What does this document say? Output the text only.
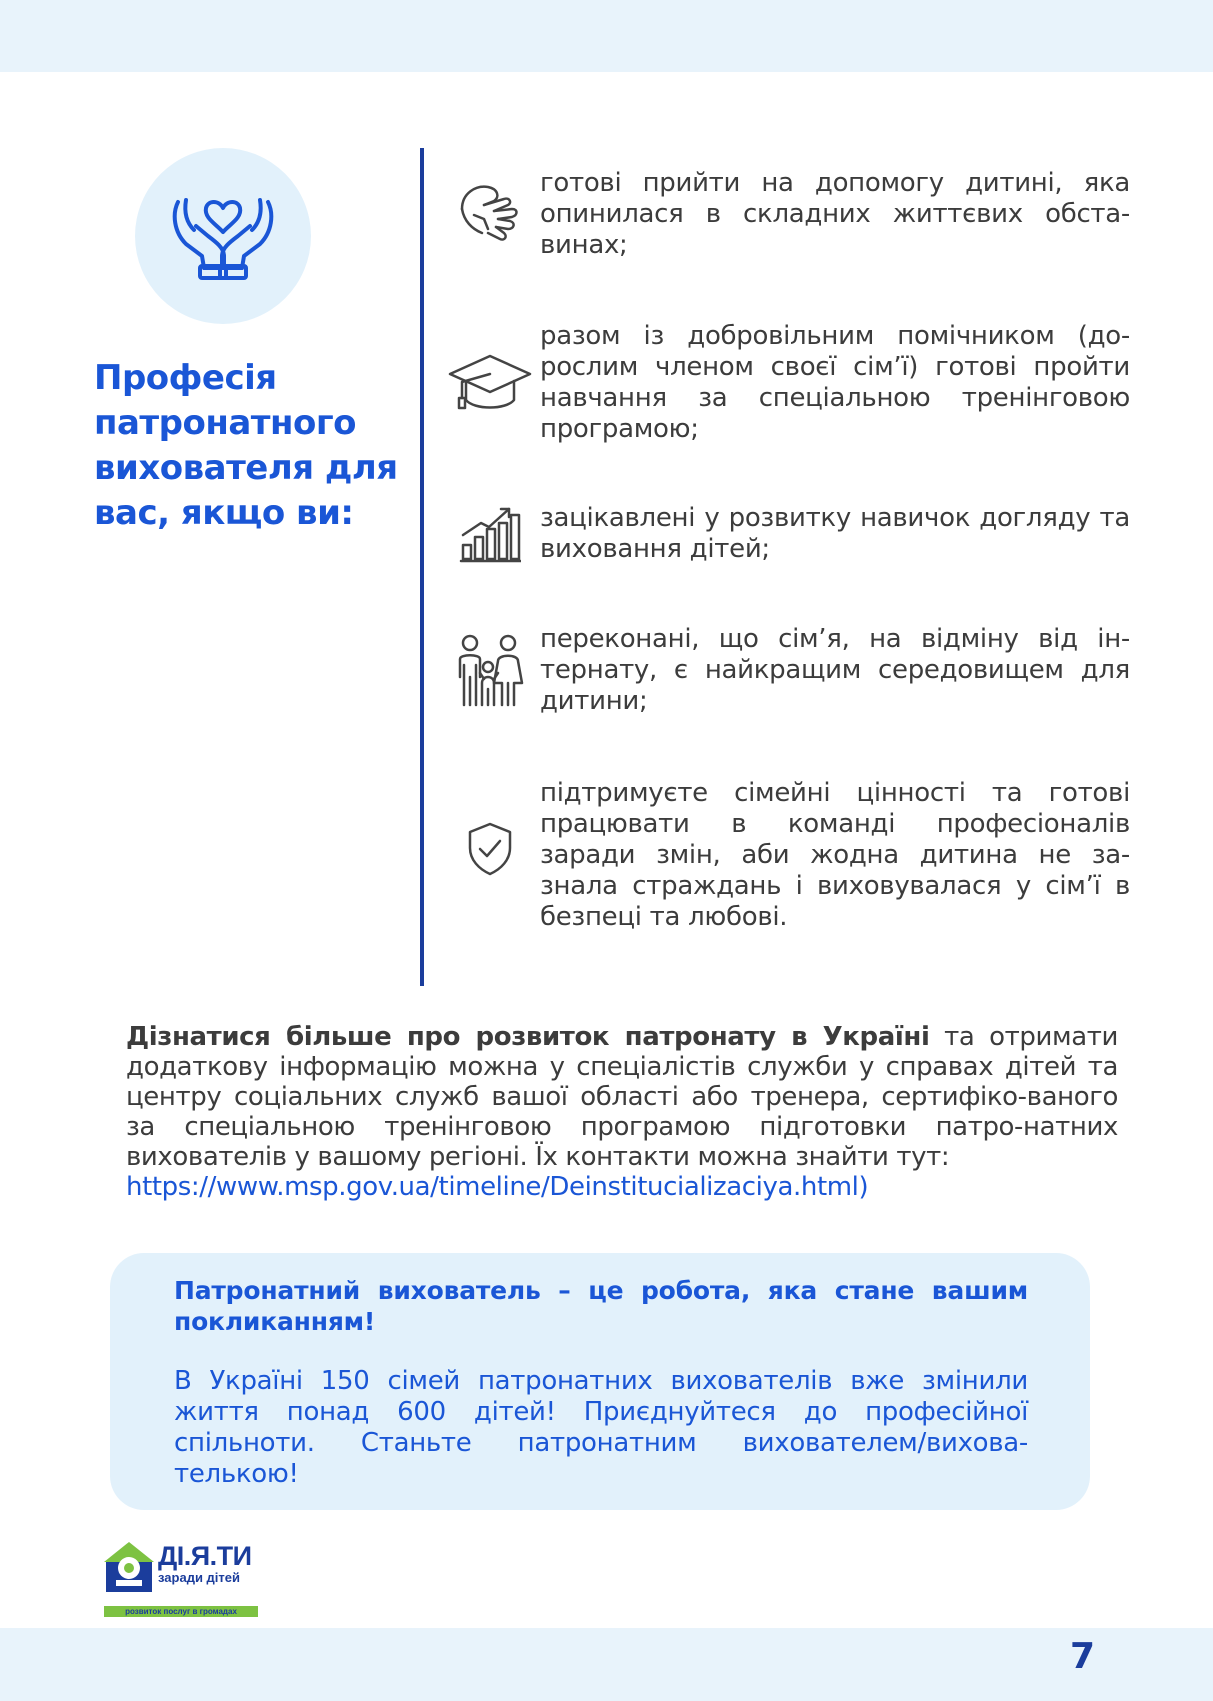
Професія патронатного вихователя для вас, якщо ви:
готові прийти на допомогу дитині, яка опинилася в складних життєвих обста-винах;
разом із добровільним помічником (до-рослим членом своєї сім’ї) готові пройти навчання за спеціальною тренінговою програмою;
зацікавлені у розвитку навичок догляду та виховання дітей;
переконані, що сім’я, на відміну від ін-тернату, є найкращим середовищем для дитини;
підтримуєте сімейні цінності та готові працювати в команді професіоналів заради змін, аби жодна дитина не за-знала страждань і виховувалася у сім’ї в безпеці та любові.
Дізнатися більше про розвиток патронату в Україні та отримати додаткову інформацію можна у спеціалістів служби у справах дітей та центру соціальних служб вашої області або тренера, сертифіко-ваного за спеціальною тренінговою програмою підготовки патро-натних вихователів у вашому регіоні. Їх контакти можна знайти тут:
https://www.msp.gov.ua/timeline/Deinstitucializaciya.html)
Патронатний вихователь – це робота, яка стане вашим покликанням!
В Україні 150 сімей патронатних вихователів вже змінили життя понад 600 дітей! Приєднуйтеся до професійної спільноти. Станьте патронатним вихователем/вихова-телькою!
ДІ.Я.ТИ
заради дітей
розвиток послуг в громадах
7
